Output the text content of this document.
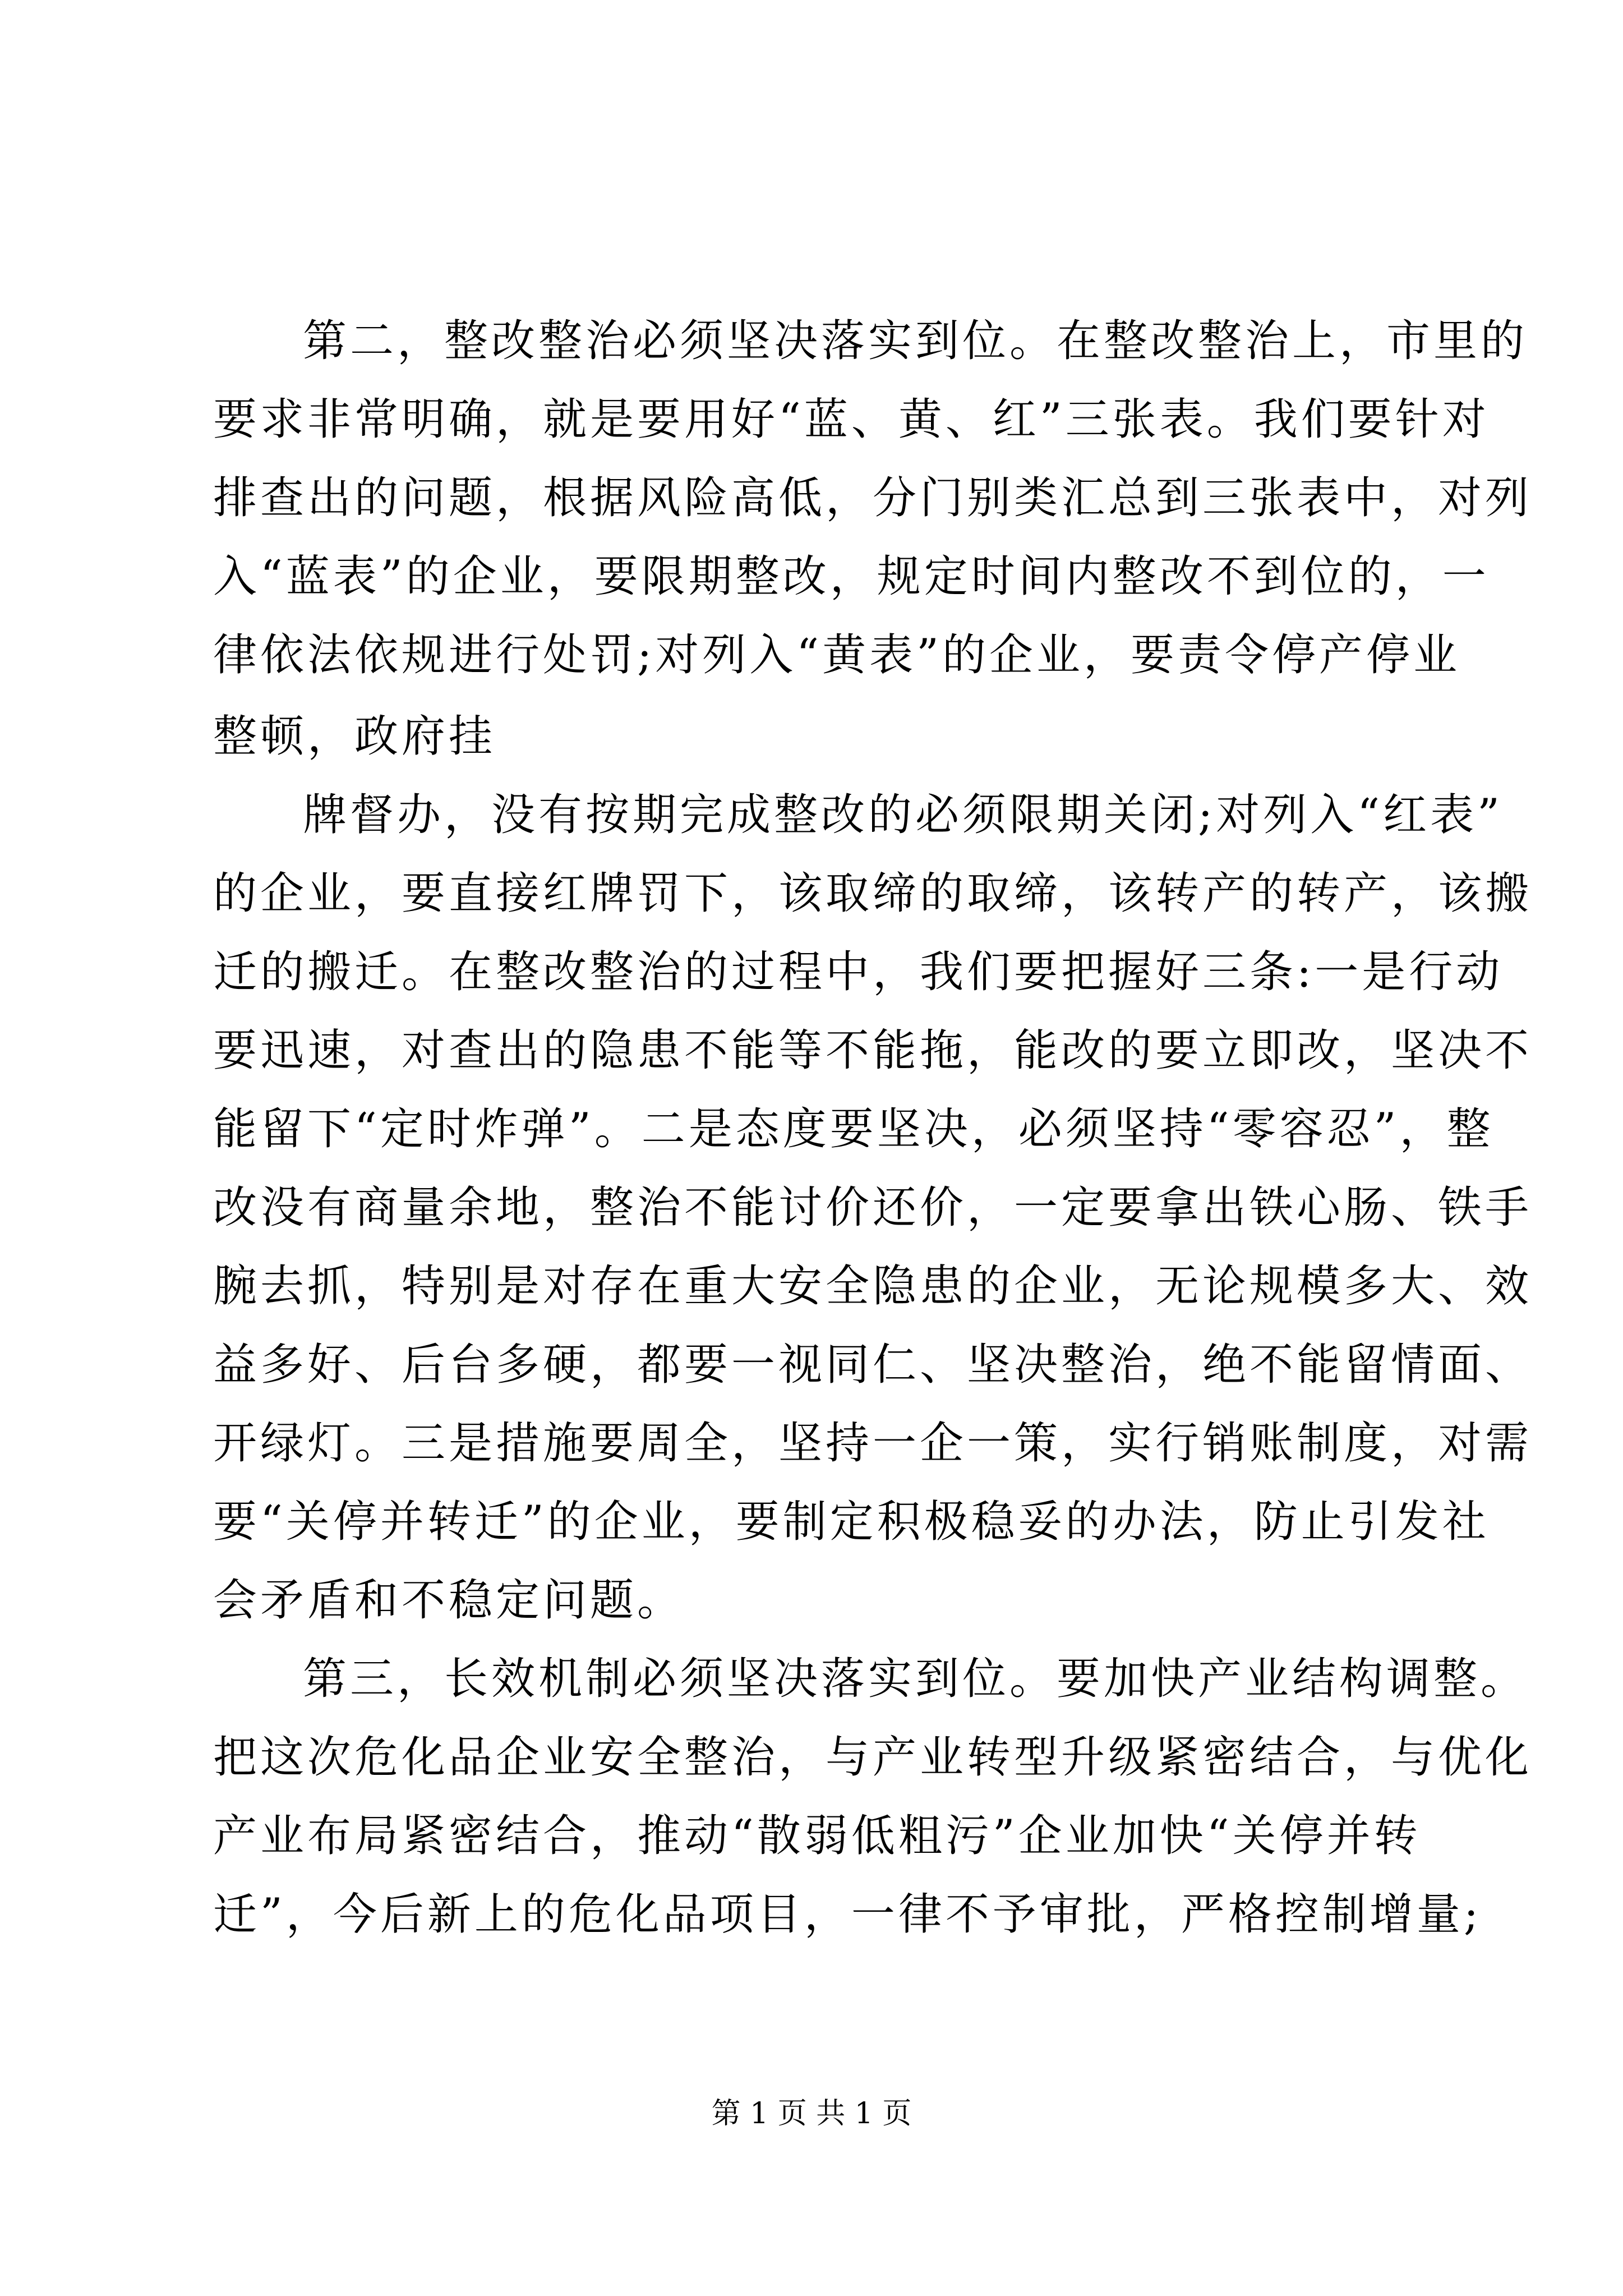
第二，整改整治必须坚决落实到位。在整改整治上，市里的
要求非常明确，就是要用好“蓝、黄、红”三张表。我们要针对
排查出的问题，根据风险高低，分门别类汇总到三张表中，对列
入“蓝表”的企业，要限期整改，规定时间内整改不到位的，一
律依法依规进行处罚;对列入“黄表”的企业，要责令停产停业
整顿，政府挂
牌督办，没有按期完成整改的必须限期关闭;对列入“红表”
的企业，要直接红牌罚下，该取缔的取缔，该转产的转产，该搬
迁的搬迁。在整改整治的过程中，我们要把握好三条:一是行动
要迅速，对查出的隐患不能等不能拖，能改的要立即改，坚决不
能留下“定时炸弹”。二是态度要坚决，必须坚持“零容忍”，整
改没有商量余地，整治不能讨价还价，一定要拿出铁心肠、铁手
腕去抓，特别是对存在重大安全隐患的企业，无论规模多大、效
益多好、后台多硬，都要一视同仁、坚决整治，绝不能留情面、
开绿灯。三是措施要周全，坚持一企一策，实行销账制度，对需
要“关停并转迁”的企业，要制定积极稳妥的办法，防止引发社
会矛盾和不稳定问题。
第三，长效机制必须坚决落实到位。要加快产业结构调整。
把这次危化品企业安全整治，与产业转型升级紧密结合，与优化
产业布局紧密结合，推动“散弱低粗污”企业加快“关停并转
迁”，今后新上的危化品项目，一律不予审批，严格控制增量;
第 1 页 共 1 页
